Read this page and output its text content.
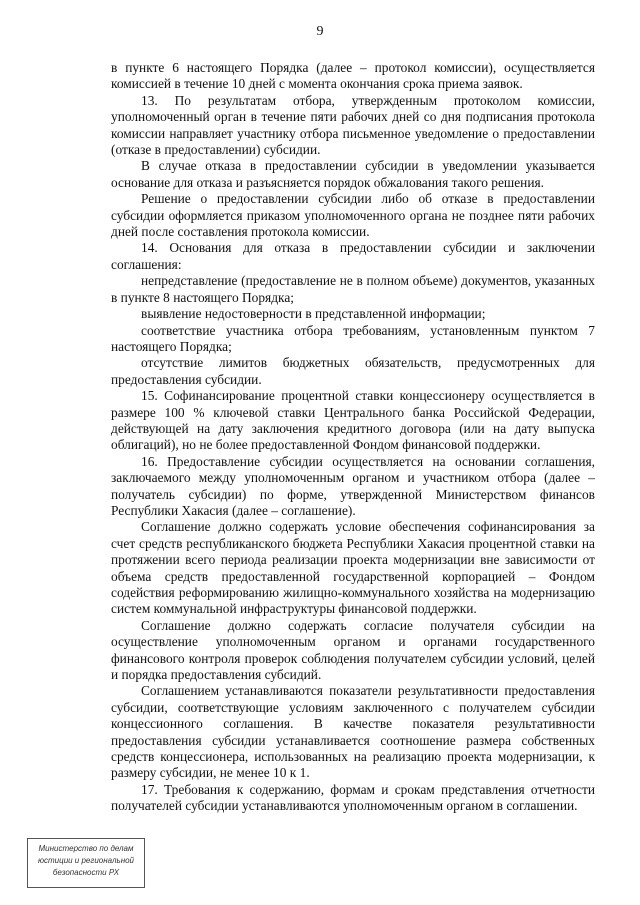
9

в пункте 6 настоящего Порядка (далее – протокол комиссии), осуществляется комиссией в течение 10 дней с момента окончания срока приема заявок.

13. По результатам отбора, утвержденным протоколом комиссии, уполномоченный орган в течение пяти рабочих дней со дня подписания протокола комиссии направляет участнику отбора письменное уведомление о предоставлении (отказе в предоставлении) субсидии.

В случае отказа в предоставлении субсидии в уведомлении указывается основание для отказа и разъясняется порядок обжалования такого решения.

Решение о предоставлении субсидии либо об отказе в предоставлении субсидии оформляется приказом уполномоченного органа не позднее пяти рабочих дней после составления протокола комиссии.

14. Основания для отказа в предоставлении субсидии и заключении соглашения:

непредставление (предоставление не в полном объеме) документов, указанных в пункте 8 настоящего Порядка;

выявление недостоверности в представленной информации;

соответствие участника отбора требованиям, установленным пунктом 7 настоящего Порядка;

отсутствие лимитов бюджетных обязательств, предусмотренных для предоставления субсидии.

15. Софинансирование процентной ставки концессионеру осуществляется в размере 100 % ключевой ставки Центрального банка Российской Федерации, действующей на дату заключения кредитного договора (или на дату выпуска облигаций), но не более предоставленной Фондом финансовой поддержки.

16. Предоставление субсидии осуществляется на основании соглашения, заключаемого между уполномоченным органом и участником отбора (далее – получатель субсидии) по форме, утвержденной Министерством финансов Республики Хакасия (далее – соглашение).

Соглашение должно содержать условие обеспечения софинансирования за счет средств республиканского бюджета Республики Хакасия процентной ставки на протяжении всего периода реализации проекта модернизации вне зависимости от объема средств предоставленной государственной корпорацией – Фондом содействия реформированию жилищно-коммунального хозяйства на модернизацию систем коммунальной инфраструктуры финансовой поддержки.

Соглашение должно содержать согласие получателя субсидии на осуществление уполномоченным органом и органами государственного финансового контроля проверок соблюдения получателем субсидии условий, целей и порядка предоставления субсидий.

Соглашением устанавливаются показатели результативности предоставления субсидии, соответствующие условиям заключенного с получателем субсидии концессионного соглашения. В качестве показателя результативности предоставления субсидии устанавливается соотношение размера собственных средств концессионера, использованных на реализацию проекта модернизации, к размеру субсидии, не менее 10 к 1.

17. Требования к содержанию, формам и срокам представления отчетности получателей субсидии устанавливаются уполномоченным органом в соглашении.

Министерство по делам
юстиции и региональной
безопасности РХ
